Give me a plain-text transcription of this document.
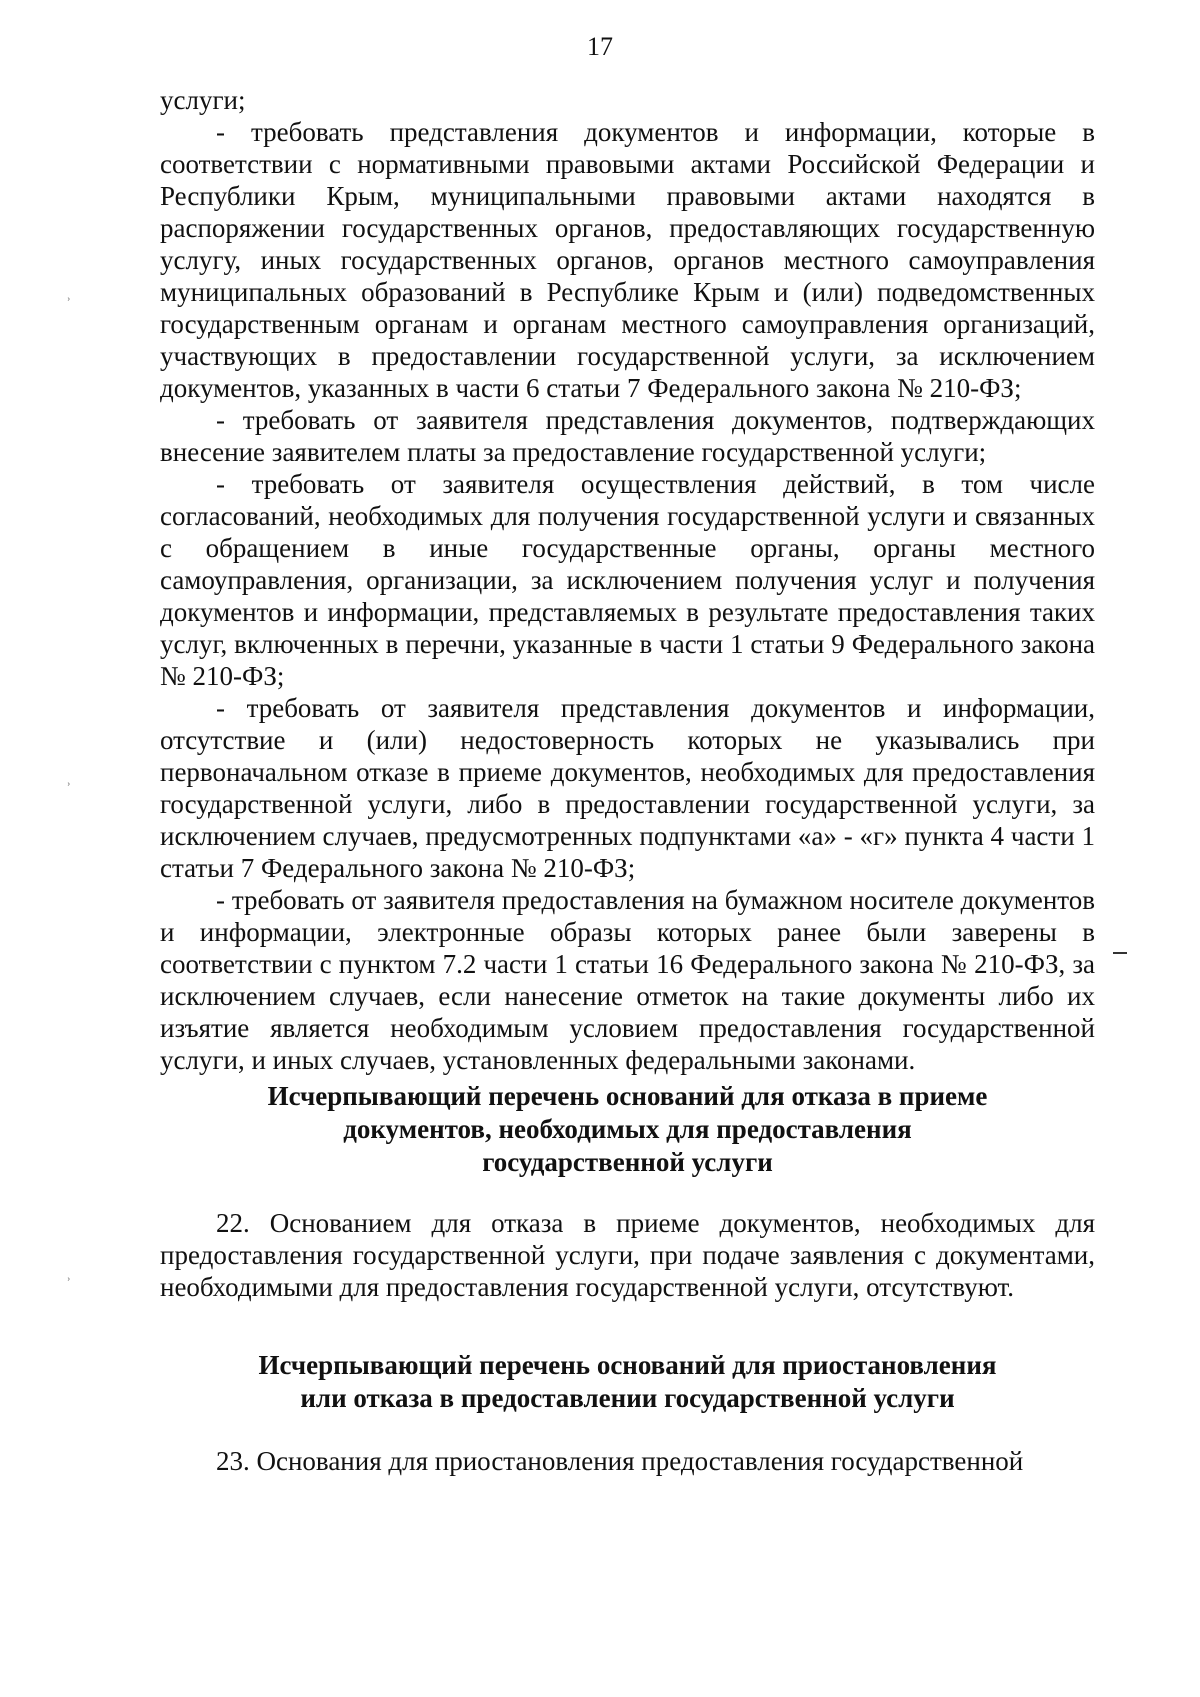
17

услуги;

- требовать представления документов и информации, которые в соответствии с нормативными правовыми актами Российской Федерации и Республики Крым, муниципальными правовыми актами находятся в распоряжении государственных органов, предоставляющих государственную услугу, иных государственных органов, органов местного самоуправления муниципальных образований в Республике Крым и (или) подведомственных государственным органам и органам местного самоуправления организаций, участвующих в предоставлении государственной услуги, за исключением документов, указанных в части 6 статьи 7 Федерального закона № 210-ФЗ;

- требовать от заявителя представления документов, подтверждающих внесение заявителем платы за предоставление государственной услуги;

- требовать от заявителя осуществления действий, в том числе согласований, необходимых для получения государственной услуги и связанных с обращением в иные государственные органы, органы местного самоуправления, организации, за исключением получения услуг и получения документов и информации, представляемых в результате предоставления таких услуг, включенных в перечни, указанные в части 1 статьи 9 Федерального закона № 210-ФЗ;

- требовать от заявителя представления документов и информации, отсутствие и (или) недостоверность которых не указывались при первоначальном отказе в приеме документов, необходимых для предоставления государственной услуги, либо в предоставлении государственной услуги, за исключением случаев, предусмотренных подпунктами «а» - «г» пункта 4 части 1 статьи 7 Федерального закона № 210-ФЗ;

- требовать от заявителя предоставления на бумажном носителе документов и информации, электронные образы которых ранее были заверены в соответствии с пунктом 7.2 части 1 статьи 16 Федерального закона № 210-ФЗ, за исключением случаев, если нанесение отметок на такие документы либо их изъятие является необходимым условием предоставления государственной услуги, и иных случаев, установленных федеральными законами.

Исчерпывающий перечень оснований для отказа в приеме
документов, необходимых для предоставления
государственной услуги

22. Основанием для отказа в приеме документов, необходимых для предоставления государственной услуги, при подаче заявления с документами, необходимыми для предоставления государственной услуги, отсутствуют.

Исчерпывающий перечень оснований для приостановления
или отказа в предоставлении государственной услуги

23. Основания для приостановления предоставления государственной

ʾ
ʾ
ʾ
